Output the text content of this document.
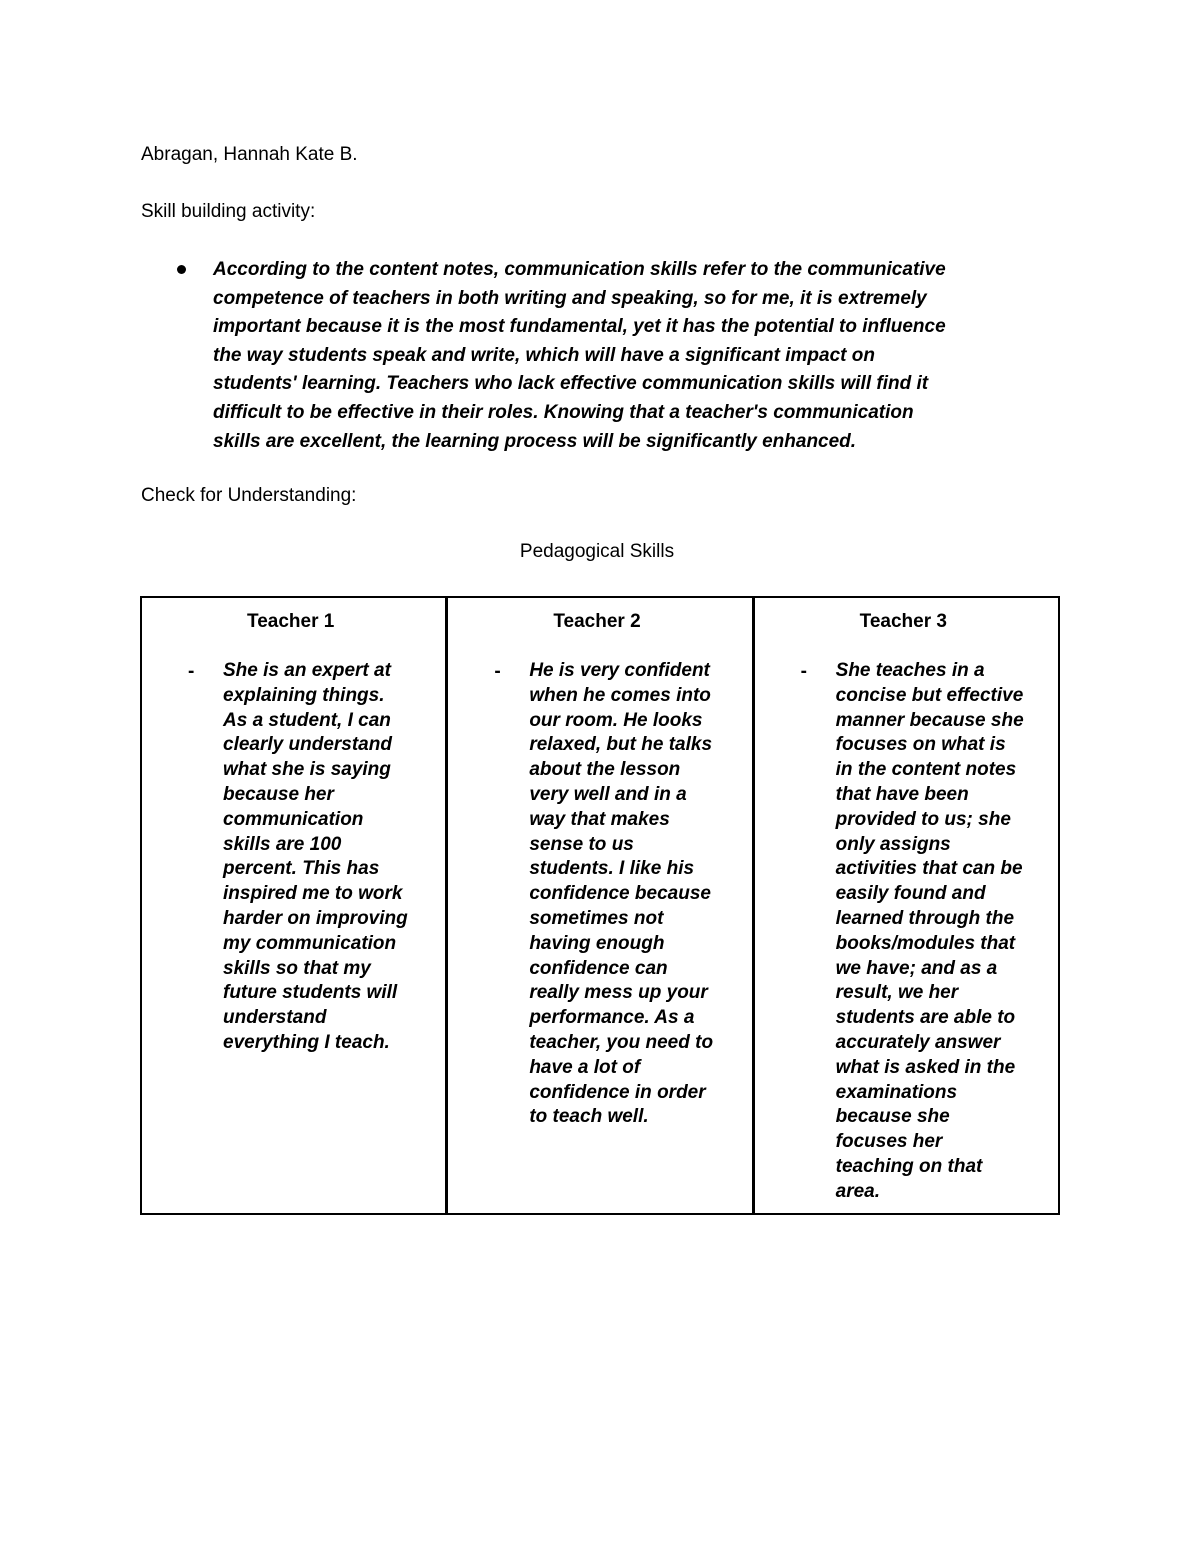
Abragan, Hannah Kate B.
Skill building activity:
According to the content notes, communication skills refer to the communicative
competence of teachers in both writing and speaking, so for me, it is extremely
important because it is the most fundamental, yet it has the potential to influence
the way students speak and write, which will have a significant impact on
students' learning. Teachers who lack effective communication skills will find it
difficult to be effective in their roles. Knowing that a teacher's communication
skills are excellent, the learning process will be significantly enhanced.
Check for Understanding:
Pedagogical Skills
Teacher 1
- She is an expert at
explaining things.
As a student, I can
clearly understand
what she is saying
because her
communication
skills are 100
percent. This has
inspired me to work
harder on improving
my communication
skills so that my
future students will
understand
everything I teach.
Teacher 2
- He is very confident
when he comes into
our room. He looks
relaxed, but he talks
about the lesson
very well and in a
way that makes
sense to us
students. I like his
confidence because
sometimes not
having enough
confidence can
really mess up your
performance. As a
teacher, you need to
have a lot of
confidence in order
to teach well.
Teacher 3
- She teaches in a
concise but effective
manner because she
focuses on what is
in the content notes
that have been
provided to us; she
only assigns
activities that can be
easily found and
learned through the
books/modules that
we have; and as a
result, we her
students are able to
accurately answer
what is asked in the
examinations
because she
focuses her
teaching on that
area.
